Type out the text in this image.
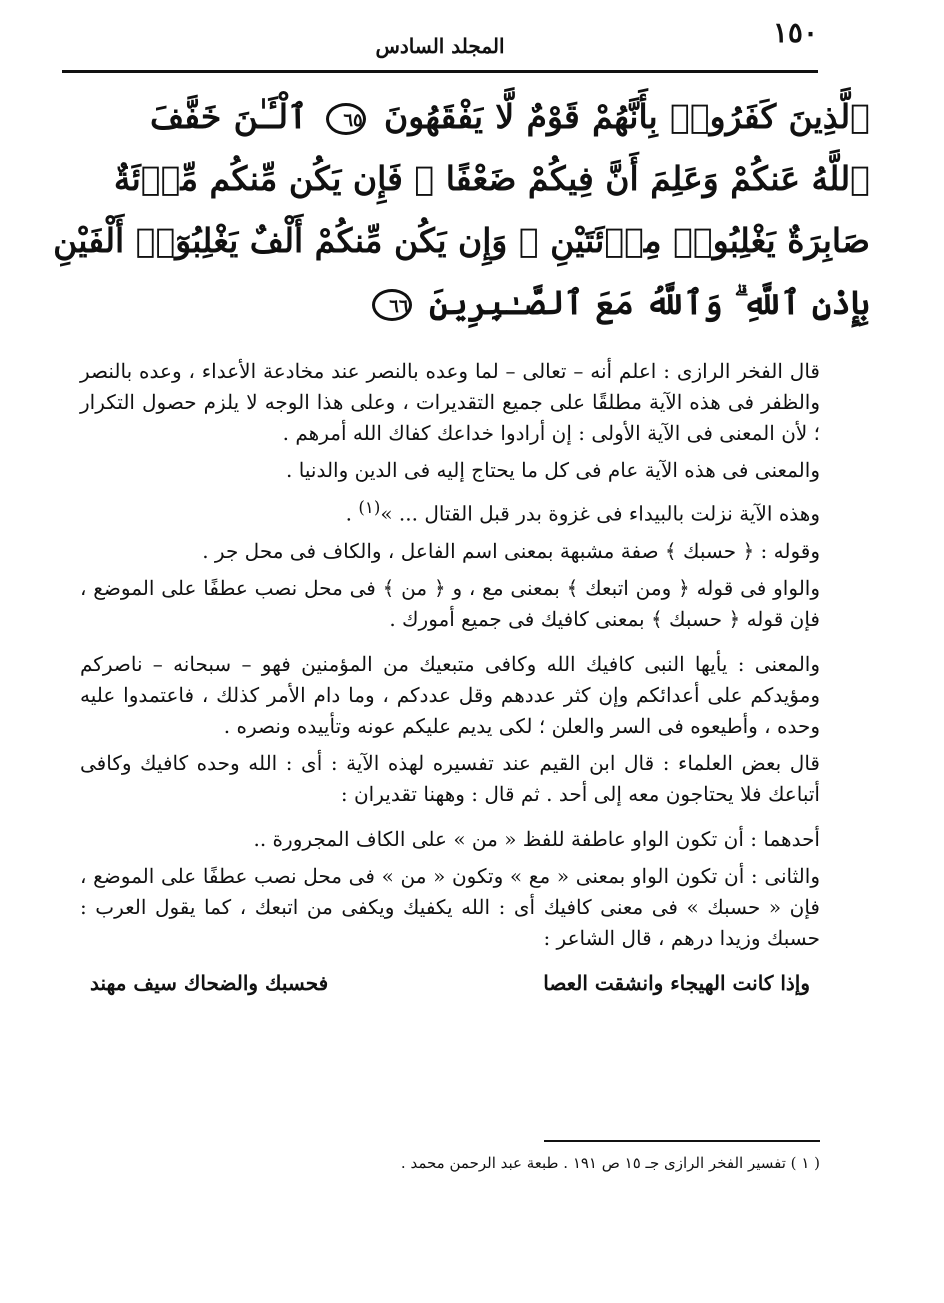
١٥٠
المجلد السادس
ٱلَّذِينَ كَفَرُوا۟ بِأَنَّهُمْ قَوْمٌ لَّا يَفْقَهُونَ ٦٥ ٱلْـَٔـٰنَ خَفَّفَ
ٱللَّهُ عَنكُمْ وَعَلِمَ أَنَّ فِيكُمْ ضَعْفًا ۚ فَإِن يَكُن مِّنكُم مِّا۟ئَةٌ
صَابِرَةٌ يَغْلِبُوا۟ مِا۟ئَتَيْنِ ۚ وَإِن يَكُن مِّنكُمْ أَلْفٌ يَغْلِبُوٓا۟ أَلْفَيْنِ
بِإِذْنِ ٱللَّهِ ۗ وَٱللَّهُ مَعَ ٱلصَّـٰبِرِينَ ٦٦

قال الفخر الرازى : اعلم أنه – تعالى – لما وعده بالنصر عند مخادعة الأعداء ، وعده بالنصر والظفر فى هذه الآية مطلقًا على جميع التقديرات ، وعلى هذا الوجه لا يلزم حصول التكرار ؛ لأن المعنى فى الآية الأولى : إن أرادوا خداعك كفاك الله أمرهم .

والمعنى فى هذه الآية عام فى كل ما يحتاج إليه فى الدين والدنيا .

وهذه الآية نزلت بالبيداء فى غزوة بدر قبل القتال ... »$^{(١)}$ .

وقوله : ﴿ حسبك ﴾ صفة مشبهة بمعنى اسم الفاعل ، والكاف فى محل جر .

والواو فى قوله ﴿ ومن اتبعك ﴾ بمعنى مع ، و ﴿ من ﴾ فى محل نصب عطفًا على الموضع ، فإن قوله ﴿ حسبك ﴾ بمعنى كافيك فى جميع أمورك .

والمعنى : يأيها النبى كافيك الله وكافى متبعيك من المؤمنين فهو – سبحانه – ناصركم ومؤيدكم على أعدائكم وإن كثر عددهم وقل عددكم ، وما دام الأمر كذلك ، فاعتمدوا عليه وحده ، وأطيعوه فى السر والعلن ؛ لكى يديم عليكم عونه وتأييده ونصره .

قال بعض العلماء : قال ابن القيم عند تفسيره لهذه الآية : أى : الله وحده كافيك وكافى أتباعك فلا يحتاجون معه إلى أحد . ثم قال : وههنا تقديران :

أحدهما : أن تكون الواو عاطفة للفظ « من » على الكاف المجرورة ..

والثانى : أن تكون الواو بمعنى « مع » وتكون « من » فى محل نصب عطفًا على الموضع ، فإن « حسبك » فى معنى كافيك أى : الله يكفيك ويكفى من اتبعك ، كما يقول العرب : حسبك وزيدا درهم ، قال الشاعر :

وإذا كانت الهيجاء وانشقت العصا
فحسبك والضحاك سيف مهند
( ١ ) تفسير الفخر الرازى جـ ١٥ ص ١٩١ . طبعة عبد الرحمن محمد .
